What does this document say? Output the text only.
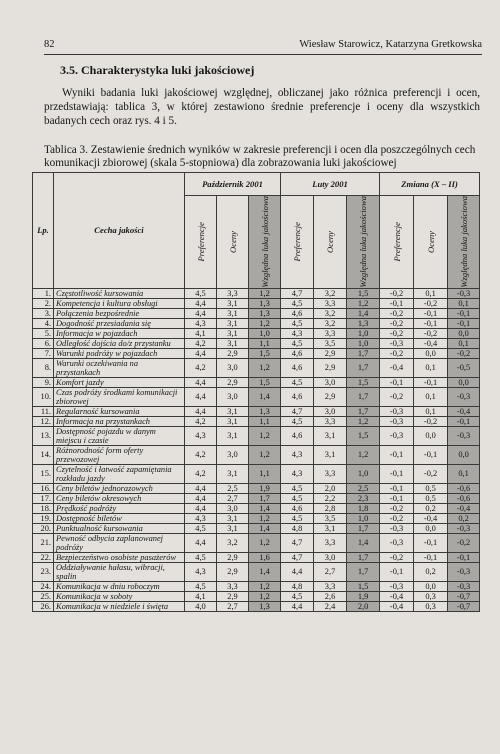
82	Wiesław Starowicz, Katarzyna Gretkowska
3.5. Charakterystyka luki jakościowej

Wyniki badania luki jakościowej względnej, obliczanej jako różnica preferencji i ocen, przedstawiają: tablica 3, w której zestawiono średnie preferencje i oceny dla wszystkich badanych cech oraz rys. 4 i 5.

Tablica 3. Zestawienie średnich wyników w zakresie preferencji i ocen dla poszczególnych cech komunikacji zbiorowej (skala 5-stopniowa) dla zobrazowania luki jakościowej

Lp.	Cecha jakości	Październik 2001			Luty 2001			Zmiana (X – II)		

		Preferencje	Oceny	Względna luka jakościowa	Preferencje	Oceny	Względna luka jakościowa	Preferencje	Oceny	Względna luka jakościowa

1.	Częstotliwość kursowania	4,5	3,3	1,2	4,7	3,2	1,5	-0,2	0,1	-0,3
2.	Kompetencja i kultura obsługi	4,4	3,1	1,3	4,5	3,3	1,2	-0,1	-0,2	0,1
3.	Połączenia bezpośrednie	4,4	3,1	1,3	4,6	3,2	1,4	-0,2	-0,1	-0,1
4.	Dogodność przesiadania się	4,3	3,1	1,2	4,5	3,2	1,3	-0,2	-0,1	-0,1
5.	Informacja w pojazdach	4,1	3,1	1,0	4,3	3,3	1,0	-0,2	-0,2	0,0
6.	Odległość dojścia do/z przystanku	4,2	3,1	1,1	4,5	3,5	1,0	-0,3	-0,4	0,1
7.	Warunki podróży w pojazdach	4,4	2,9	1,5	4,6	2,9	1,7	-0,2	0,0	-0,2
8.	Warunki oczekiwania na przystankach	4,2	3,0	1,2	4,6	2,9	1,7	-0,4	0,1	-0,5
9.	Komfort jazdy	4,4	2,9	1,5	4,5	3,0	1,5	-0,1	-0,1	0,0
10.	Czas podróży środkami komunikacji zbiorowej	4,4	3,0	1,4	4,6	2,9	1,7	-0,2	0,1	-0,3
11.	Regularność kursowania	4,4	3,1	1,3	4,7	3,0	1,7	-0,3	0,1	-0,4
12.	Informacja na przystankach	4,2	3,1	1,1	4,5	3,3	1,2	-0,3	-0,2	-0,1
13.	Dostępność pojazdu w danym miejscu i czasie	4,3	3,1	1,2	4,6	3,1	1,5	-0,3	0,0	-0,3
14.	Różnorodność form oferty przewozowej	4,2	3,0	1,2	4,3	3,1	1,2	-0,1	-0,1	0,0
15.	Czytelność i łatwość zapamiętania rozkładu jazdy	4,2	3,1	1,1	4,3	3,3	1,0	-0,1	-0,2	0,1
16.	Ceny biletów jednorazowych	4,4	2,5	1,9	4,5	2,0	2,5	-0,1	0,5	-0,6
17.	Ceny biletów okresowych	4,4	2,7	1,7	4,5	2,2	2,3	-0,1	0,5	-0,6
18.	Prędkość podróży	4,4	3,0	1,4	4,6	2,8	1,8	-0,2	0,2	-0,4
19.	Dostępność biletów	4,3	3,1	1,2	4,5	3,5	1,0	-0,2	-0,4	0,2
20.	Punktualność kursowania	4,5	3,1	1,4	4,8	3,1	1,7	-0,3	0,0	-0,3
21.	Pewność odbycia zaplanowanej podróży	4,4	3,2	1,2	4,7	3,3	1,4	-0,3	-0,1	-0,2
22.	Bezpieczeństwo osobiste pasażerów	4,5	2,9	1,6	4,7	3,0	1,7	-0,2	-0,1	-0,1
23.	Oddziaływanie hałasu, wibracji, spalin	4,3	2,9	1,4	4,4	2,7	1,7	-0,1	0,2	-0,3
24.	Komunikacja w dniu roboczym	4,5	3,3	1,2	4,8	3,3	1,5	-0,3	0,0	-0,3
25.	Komunikacja w soboty	4,1	2,9	1,2	4,5	2,6	1,9	-0,4	0,3	-0,7
26.	Komunikacja w niedziele i święta	4,0	2,7	1,3	4,4	2,4	2,0	-0,4	0,3	-0,7
